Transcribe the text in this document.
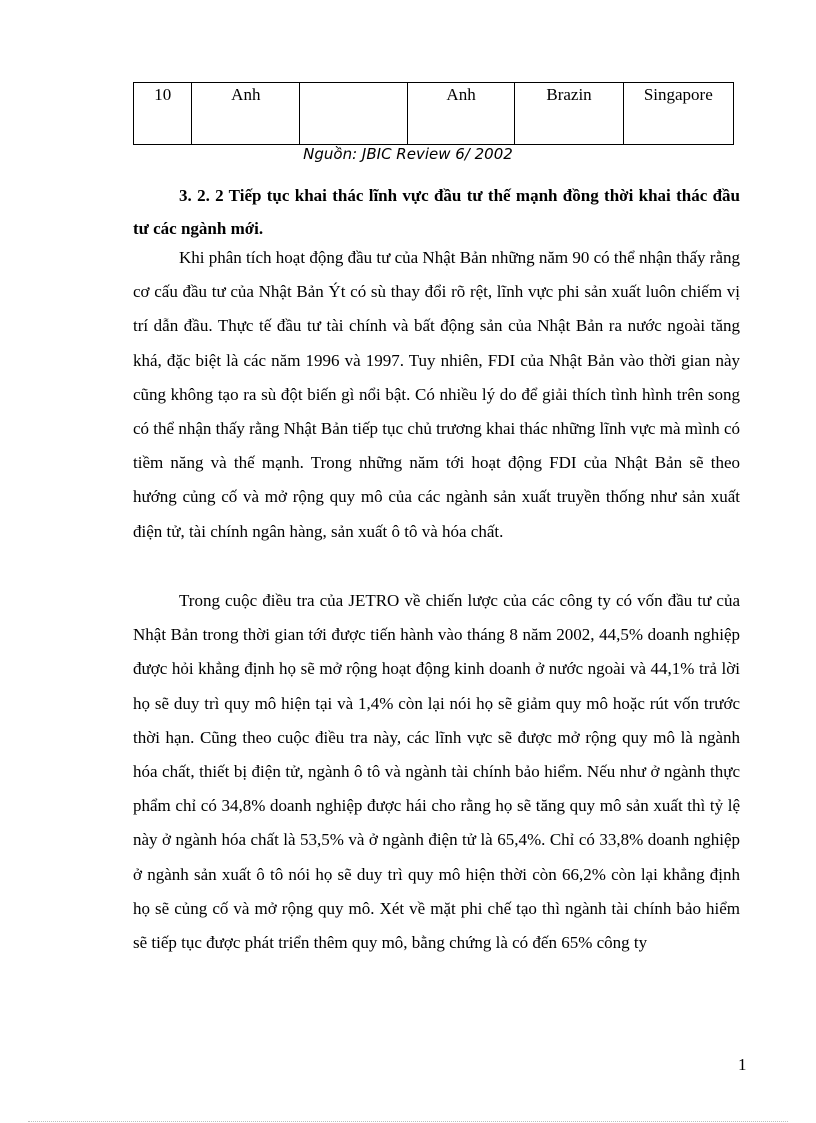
10	Anh		Anh	Brazin	Singapore
Nguồn: JBIC Review 6/ 2002

3. 2. 2 Tiếp tục khai thác lĩnh vực đầu tư thế mạnh đồng thời khai thác đầu tư các ngành mới.

Khi phân tích hoạt động đầu tư của Nhật Bản những năm 90 có thể nhận thấy rằng cơ cấu đầu tư của Nhật Bản Ýt có sù thay đổi rõ rệt, lĩnh vực phi sản xuất luôn chiếm vị trí dẫn đầu. Thực tế đầu tư tài chính và bất động sản của Nhật Bản ra nước ngoài tăng khá, đặc biệt là các năm 1996 và 1997. Tuy nhiên, FDI của Nhật Bản vào thời gian này cũng không tạo ra sù đột biến gì nổi bật. Có nhiều lý do để giải thích tình hình trên song có thể nhận thấy rằng Nhật Bản tiếp tục chủ trương khai thác những lĩnh vực mà mình có tiềm năng và thế mạnh. Trong những năm tới hoạt động FDI của Nhật Bản sẽ theo hướng củng cố và mở rộng quy mô của các ngành sản xuất truyền thống như sản xuất điện tử, tài chính ngân hàng, sản xuất ô tô và hóa chất.

Trong cuộc điều tra của JETRO về chiến lược của các công ty có vốn đầu tư của Nhật Bản trong thời gian tới được tiến hành vào tháng 8 năm 2002, 44,5% doanh nghiệp được hỏi khẳng định họ sẽ mở rộng hoạt động kinh doanh ở nước ngoài và 44,1% trả lời họ sẽ duy trì quy mô hiện tại và 1,4% còn lại nói họ sẽ giảm quy mô hoặc rút vốn trước thời hạn. Cũng theo cuộc điều tra này, các lĩnh vực sẽ được mở rộng quy mô là ngành hóa chất, thiết bị điện tử, ngành ô tô và ngành tài chính bảo hiểm. Nếu như ở ngành thực phẩm chỉ có 34,8% doanh nghiệp được hái cho rằng họ sẽ tăng quy mô sản xuất thì tỷ lệ này ở ngành hóa chất là 53,5% và ở ngành điện tử là 65,4%. Chỉ có 33,8% doanh nghiệp ở ngành sản xuất ô tô nói họ sẽ duy trì quy mô hiện thời còn 66,2% còn lại khẳng định họ sẽ củng cố và mở rộng quy mô. Xét về mặt phi chế tạo thì ngành tài chính bảo hiểm sẽ tiếp tục được phát triển thêm quy mô, bằng chứng là có đến 65% công ty

1
